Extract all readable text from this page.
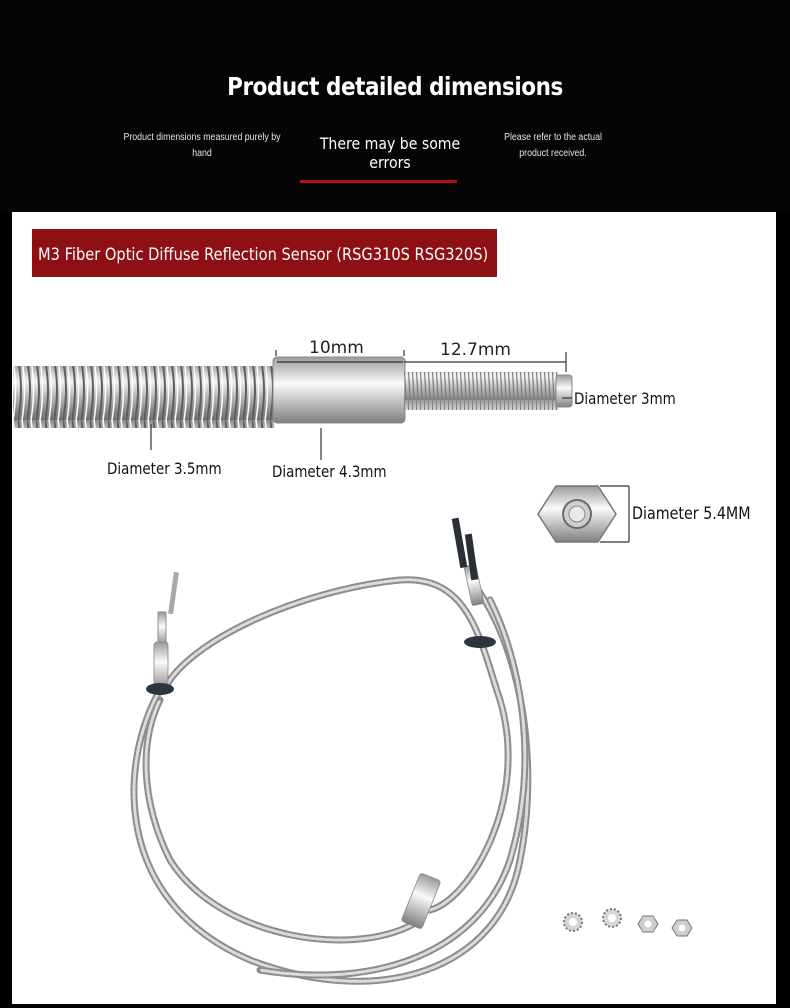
Product detailed dimensions
Product dimensions measured purely by hand
There may be some errors
Please refer to the actual product received.
M3 Fiber Optic Diffuse Reflection Sensor (RSG310S RSG320S)
10mm	12.7mm
Diameter 3mm
Diameter 3.5mm	Diameter 4.3mm
Diameter 5.4MM
